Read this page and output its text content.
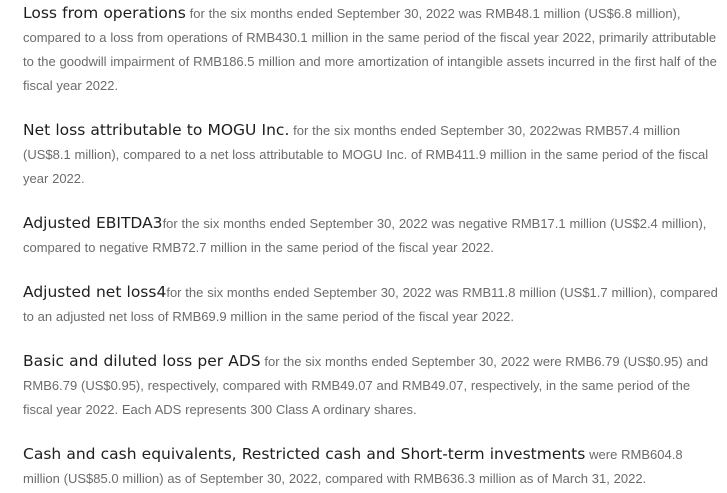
Loss from operations for the six months ended September 30, 2022 was RMB48.1 million (US$6.8 million), compared to a loss from operations of RMB430.1 million in the same period of the fiscal year 2022, primarily attributable to the goodwill impairment of RMB186.5 million and more amortization of intangible assets incurred in the first half of the fiscal year 2022.

Net loss attributable to MOGU Inc. for the six months ended September 30, 2022was RMB57.4 million (US$8.1 million), compared to a net loss attributable to MOGU Inc. of RMB411.9 million in the same period of the fiscal year 2022.

Adjusted EBITDA3for the six months ended September 30, 2022 was negative RMB17.1 million (US$2.4 million), compared to negative RMB72.7 million in the same period of the fiscal year 2022.

Adjusted net loss4for the six months ended September 30, 2022 was RMB11.8 million (US$1.7 million), compared to an adjusted net loss of RMB69.9 million in the same period of the fiscal year 2022.

Basic and diluted loss per ADS for the six months ended September 30, 2022 were RMB6.79 (US$0.95) and RMB6.79 (US$0.95), respectively, compared with RMB49.07 and RMB49.07, respectively, in the same period of the fiscal year 2022. Each ADS represents 300 Class A ordinary shares.

Cash and cash equivalents, Restricted cash and Short-term investments were RMB604.8 million (US$85.0 million) as of September 30, 2022, compared with RMB636.3 million as of March 31, 2022.
